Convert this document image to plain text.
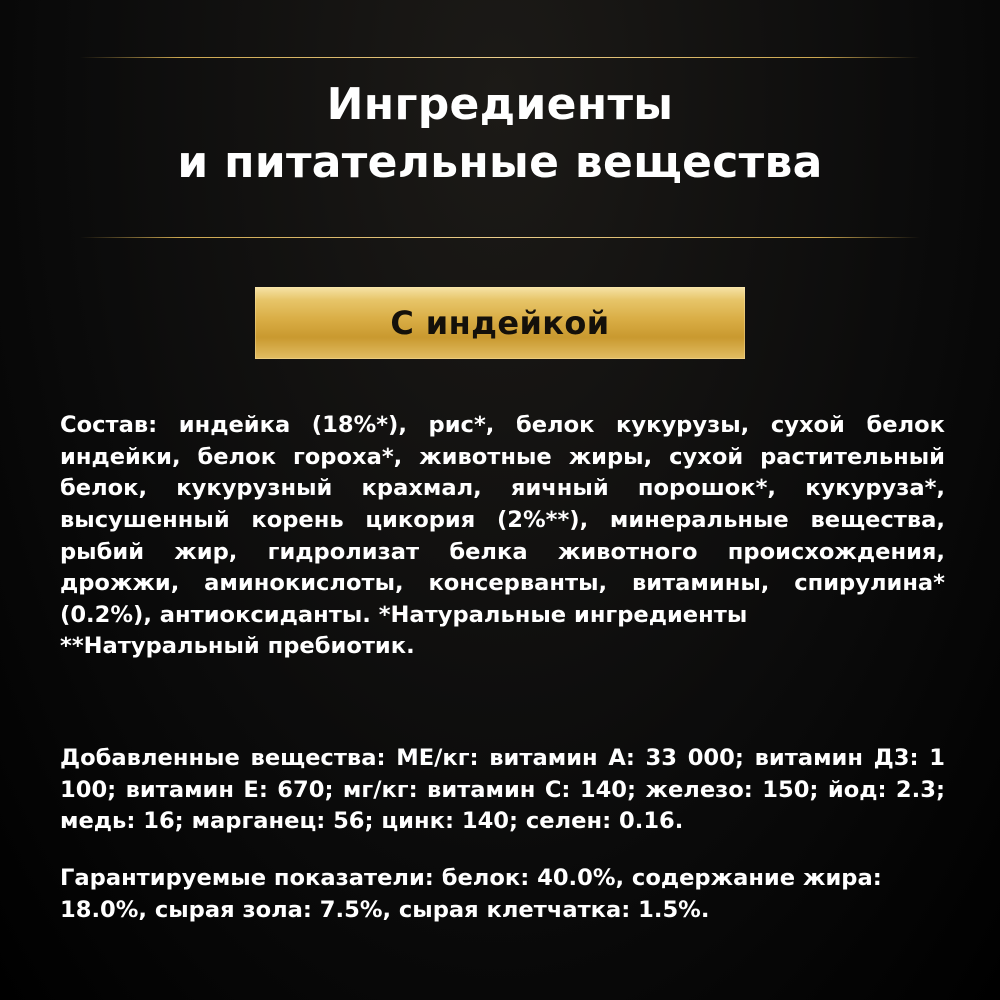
Ингредиенты
и питательные вещества
С индейкой

Состав: индейка (18%*), рис*, белок кукурузы, сухой белок индейки, белок гороха*, животные жиры, сухой растительный белок, кукурузный крахмал, яичный порошок*, кукуруза*, высушенный корень цикория (2%**), минеральные вещества, рыбий жир, гидролизат белка животного происхождения, дрожжи, аминокислоты, консерванты, витамины, спирулина* (0.2%), антиоксиданты. *Натуральные ингредиенты

**Натуральный пребиотик.

Добавленные вещества: МЕ/кг: витамин А: 33 000; витамин Д3: 1 100; витамин Е: 670; мг/кг: витамин С: 140; железо: 150; йод: 2.3; медь: 16; марганец: 56; цинк: 140; селен: 0.16.

Гарантируемые показатели: белок: 40.0%, содержание жира: 18.0%, сырая зола: 7.5%, сырая клетчатка: 1.5%.
